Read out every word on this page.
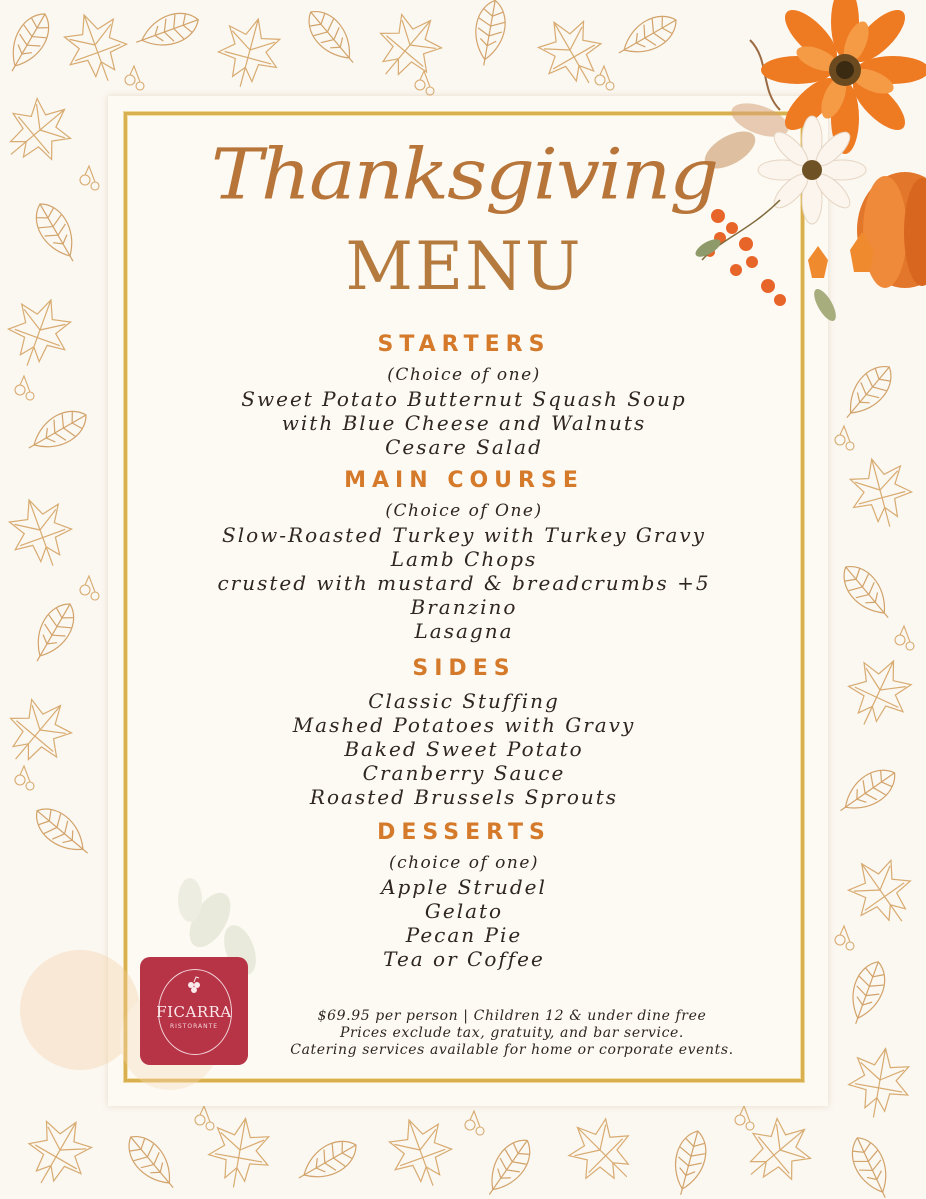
Thanksgiving
MENU

STARTERS

(Choice of one)

Sweet Potato Butternut Squash Soup

with Blue Cheese and Walnuts

Cesare Salad

MAIN COURSE

(Choice of One)

Slow-Roasted Turkey with Turkey Gravy

Lamb Chops

crusted with mustard & breadcrumbs +5

Branzino

Lasagna

SIDES

Classic Stuffing

Mashed Potatoes with Gravy

Baked Sweet Potato

Cranberry Sauce

Roasted Brussels Sprouts

DESSERTS

(choice of one)

Apple Strudel

Gelato

Pecan Pie

Tea or Coffee

FICARRA
RISTORANTE

$69.95 per person | Children 12 & under dine free

Prices exclude tax, gratuity, and bar service.

Catering services available for home or corporate events.
